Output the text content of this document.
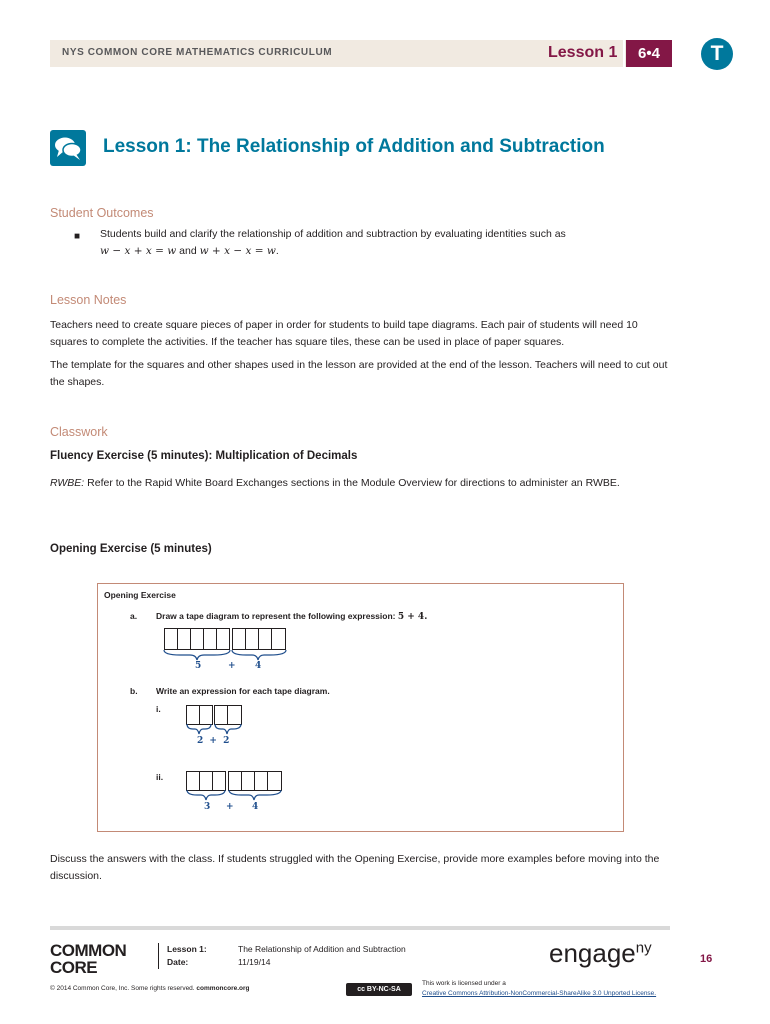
NYS COMMON CORE MATHEMATICS CURRICULUM	Lesson 1	6•4	T
Lesson 1: The Relationship of Addition and Subtraction
Student Outcomes
■ Students build and clarify the relationship of addition and subtraction by evaluating identities such as
w − x + x = w and w + x − x = w.
Lesson Notes
Teachers need to create square pieces of paper in order for students to build tape diagrams. Each pair of students will need 10 squares to complete the activities. If the teacher has square tiles, these can be used in place of paper squares.
The template for the squares and other shapes used in the lesson are provided at the end of the lesson. Teachers will need to cut out the shapes.
Classwork
Fluency Exercise (5 minutes): Multiplication of Decimals
RWBE: Refer to the Rapid White Board Exchanges sections in the Module Overview for directions to administer an RWBE.
Opening Exercise (5 minutes)
Opening Exercise
a. Draw a tape diagram to represent the following expression: 5 + 4.
5	+ 4
b. Write an expression for each tape diagram.
i.
2 + 2
ii.
3 + 4
Discuss the answers with the class. If students struggled with the Opening Exercise, provide more examples before moving into the discussion.
COMMON
CORE
Lesson 1:
Date:
The Relationship of Addition and Subtraction
11/19/14	engage$^{ny}$
16
© 2014 Common Core, Inc. Some rights reserved. commoncore.org	cc BY-NC-SA
This work is licensed under a
Creative Commons Attribution-NonCommercial-ShareAlike 3.0 Unported License.
